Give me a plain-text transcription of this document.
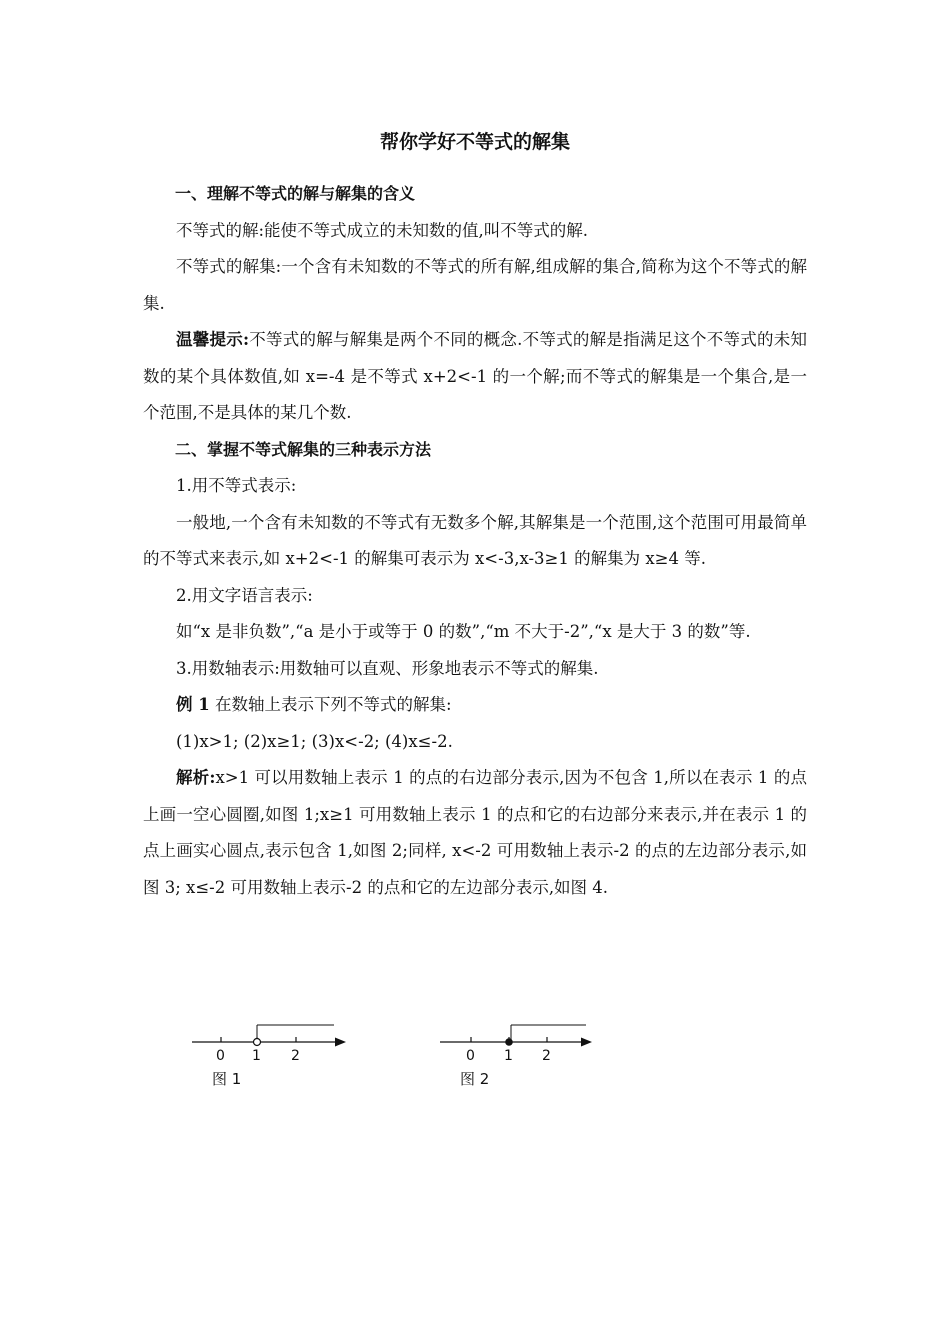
帮你学好不等式的解集

一、理解不等式的解与解集的含义

不等式的解:能使不等式成立的未知数的值,叫不等式的解.

不等式的解集:一个含有未知数的不等式的所有解,组成解的集合,简称为这个不等式的解集.

温馨提示:不等式的解与解集是两个不同的概念.不等式的解是指满足这个不等式的未知数的某个具体数值,如 x=-4 是不等式 x+2<-1 的一个解;而不等式的解集是一个集合,是一个范围,不是具体的某几个数.

二、掌握不等式解集的三种表示方法

1.用不等式表示:

一般地,一个含有未知数的不等式有无数多个解,其解集是一个范围,这个范围可用最简单的不等式来表示,如 x+2<-1 的解集可表示为 x<-3,x-3≥1 的解集为 x≥4 等.

2.用文字语言表示:

如“x 是非负数”,“a 是小于或等于 0 的数”,“m 不大于-2”,“x 是大于 3 的数”等.

3.用数轴表示:用数轴可以直观、形象地表示不等式的解集.

例 1 在数轴上表示下列不等式的解集:

(1)x>1; (2)x≥1; (3)x<-2; (4)x≤-2.

解析:x>1 可以用数轴上表示 1 的点的右边部分表示,因为不包含 1,所以在表示 1 的点上画一空心圆圈,如图 1;x≥1 可用数轴上表示 1 的点和它的右边部分来表示,并在表示 1 的点上画实心圆点,表示包含 1,如图 2;同样, x<-2 可用数轴上表示-2 的点的左边部分表示,如图 3; x≤-2 可用数轴上表示-2 的点和它的左边部分表示,如图 4.

0 1 2
图 1
0 1 2
图 2
